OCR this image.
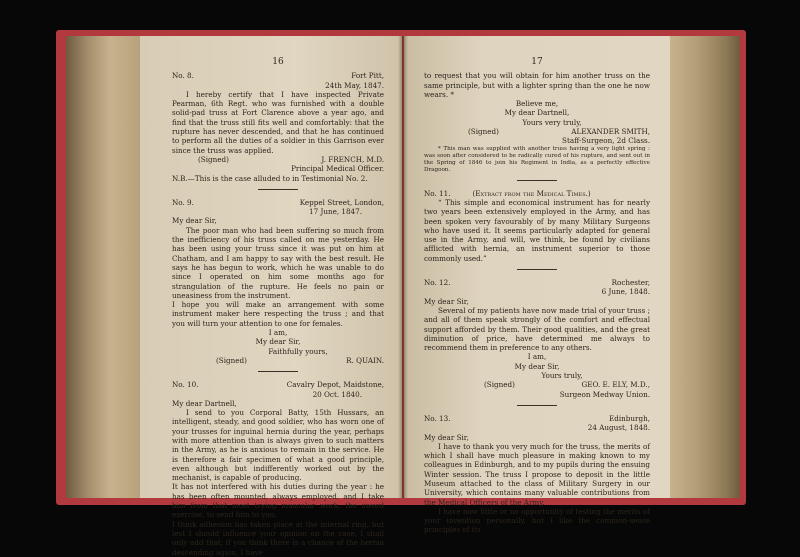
16
No. 8.	Fort Pitt,
24th May, 1847.

I hereby certify that I have inspected Private Pearman, 6th Regt. who was furnished with a double solid-pad truss at Fort Clarence above a year ago, and find that the truss still fits well and comfortably: that the rupture has never descended, and that he has continued to perform all the duties of a soldier in this Garrison ever since the truss was applied.

(Signed)	J. FRENCH, M.D.
Principal Medical Officer.
N.B.—This is the case alluded to in Testimonial No. 2.
No. 9.	Keppel Street, London,
17 June, 1847.
My dear Sir,

The poor man who had been suffering so much from the inefficiency of his truss called on me yesterday. He has been using your truss since it was put on him at Chatham, and I am happy to say with the best result. He says he has begun to work, which he was unable to do since I operated on him some months ago for strangulation of the rupture. He feels no pain or uneasiness from the instrument.

I hope you will make an arrangement with some instrument maker here respecting the truss ; and that you will turn your attention to one for females.

I am,
My dear Sir,
Faithfully yours,
(Signed)	R. QUAIN.
No. 10.	Cavalry Depot, Maidstone,
20 Oct. 1840.
My dear Dartnell,

I send to you Corporal Batty, 15th Hussars, an intelligent, steady, and good soldier, who has worn one of your trusses for inguinal hernia during the year, perhaps with more attention than is always given to such matters in the Army, as he is anxious to remain in the service. He is therefore a fair specimen of what a good principle, even although but indifferently worked out by the mechanist, is capable of producing.

It has not interfered with his duties during the year : he has been often mounted, always employed, and I take him from that most trying muscular work, the sword exercise, to send him to you.

I think adhesion has taken place at the internal ring, but lest I should influence your opinion on the case, I shall only add that, if you think there is a chance of the hernia descending again, I have

17

to request that you will obtain for him another truss on the same principle, but with a lighter spring than the one he now wears. *

Believe me,
My dear Dartnell,
Yours very truly,
(Signed)	ALEXANDER SMITH,
Staff-Surgeon, 2d Class.

* This man was supplied with another truss having a very light spring : was soon after considered to be radically cured of his rupture, and sent out in the Spring of 1846 to join his Regiment in India, as a perfectly effective Dragoon.

No. 11.	(Extract from the Medical Times.)

“ This simple and economical instrument has for nearly two years been extensively employed in the Army, and has been spoken very favourably of by many Military Surgeons who have used it. It seems particularly adapted for general use in the Army, and will, we think, be found by civilians afflicted with hernia, an instrument superior to those commonly used.”

No. 12.	Rochester,
6 June, 1848.
My dear Sir,

Several of my patients have now made trial of your truss ; and all of them speak strongly of the comfort and effectual support afforded by them. Their good qualities, and the great diminution of price, have determined me always to recommend them in preference to any others.

I am,
My dear Sir,
Yours truly,
(Signed)	GEO. E. ELY, M.D.,
Surgeon Medway Union.
No. 13.	Edinburgh,
24 August, 1848.
My dear Sir,

I have to thank you very much for the truss, the merits of which I shall have much pleasure in making known to my colleagues in Edinburgh, and to my pupils during the ensuing Winter session. The truss I propose to deposit in the little Museum attached to the class of Military Surgery in our University, which contains many valuable contributions from the Medical Officers of the Army.

I have now little or no opportunity of testing the merits of your invention personally, but I like the common-sense principles of its
